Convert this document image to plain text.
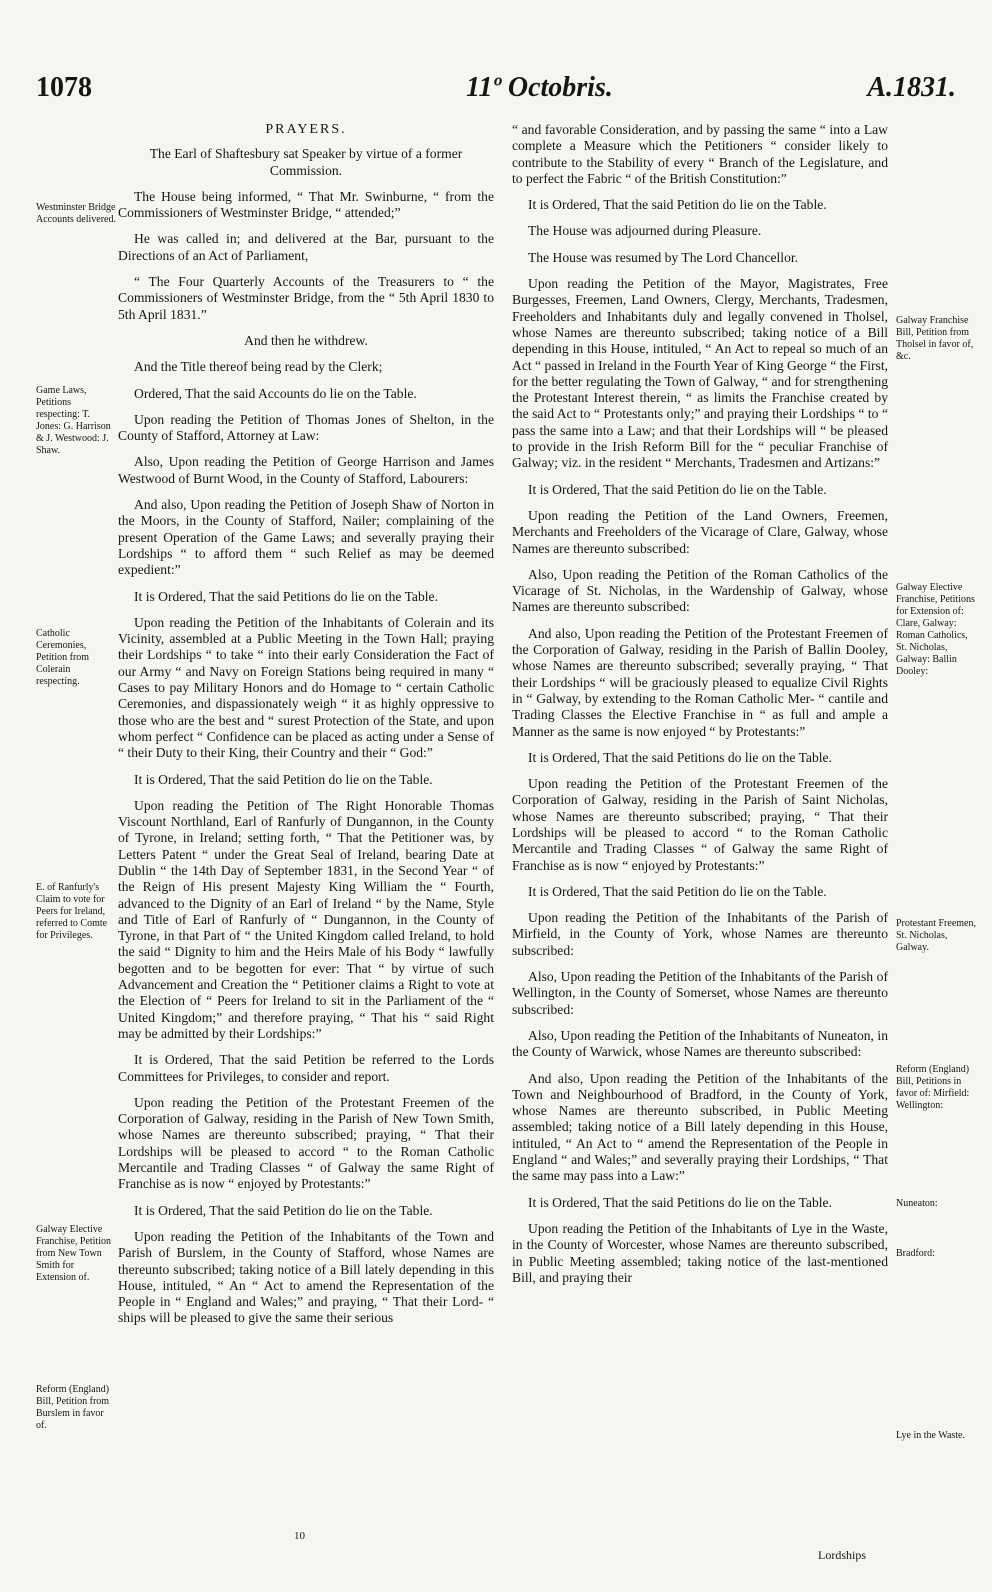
1078	11º Octobris.	A.1831.
PRAYERS.

The Earl of Shaftesbury sat Speaker by virtue of a former Commission.

The House being informed, “ That Mr. Swinburne, “ from the Commissioners of Westminster Bridge, “ attended;”

He was called in; and delivered at the Bar, pursuant to the Directions of an Act of Parliament,

“ The Four Quarterly Accounts of the Treasurers to “ the Commissioners of Westminster Bridge, from the “ 5th April 1830 to 5th April 1831.”

And then he withdrew.

And the Title thereof being read by the Clerk;

Ordered, That the said Accounts do lie on the Table.

Upon reading the Petition of Thomas Jones of Shelton, in the County of Stafford, Attorney at Law:

Also, Upon reading the Petition of George Harrison and James Westwood of Burnt Wood, in the County of Stafford, Labourers:

And also, Upon reading the Petition of Joseph Shaw of Norton in the Moors, in the County of Stafford, Nailer; complaining of the present Operation of the Game Laws; and severally praying their Lordships “ to afford them “ such Relief as may be deemed expedient:”

It is Ordered, That the said Petitions do lie on the Table.

Upon reading the Petition of the Inhabitants of Colerain and its Vicinity, assembled at a Public Meeting in the Town Hall; praying their Lordships “ to take “ into their early Consideration the Fact of our Army “ and Navy on Foreign Stations being required in many “ Cases to pay Military Honors and do Homage to “ certain Catholic Ceremonies, and dispassionately weigh “ it as highly oppressive to those who are the best and “ surest Protection of the State, and upon whom perfect “ Confidence can be placed as acting under a Sense of “ their Duty to their King, their Country and their “ God:”

It is Ordered, That the said Petition do lie on the Table.

Upon reading the Petition of The Right Honorable Thomas Viscount Northland, Earl of Ranfurly of Dungannon, in the County of Tyrone, in Ireland; setting forth, “ That the Petitioner was, by Letters Patent “ under the Great Seal of Ireland, bearing Date at Dublin “ the 14th Day of September 1831, in the Second Year “ of the Reign of His present Majesty King William the “ Fourth, advanced to the Dignity of an Earl of Ireland “ by the Name, Style and Title of Earl of Ranfurly of “ Dungannon, in the County of Tyrone, in that Part of “ the United Kingdom called Ireland, to hold the said “ Dignity to him and the Heirs Male of his Body “ lawfully begotten and to be begotten for ever: That “ by virtue of such Advancement and Creation the “ Petitioner claims a Right to vote at the Election of “ Peers for Ireland to sit in the Parliament of the “ United Kingdom;” and therefore praying, “ That his “ said Right may be admitted by their Lordships:”

It is Ordered, That the said Petition be referred to the Lords Committees for Privileges, to consider and report.

Upon reading the Petition of the Protestant Freemen of the Corporation of Galway, residing in the Parish of New Town Smith, whose Names are thereunto subscribed; praying, “ That their Lordships will be pleased to accord “ to the Roman Catholic Mercantile and Trading Classes “ of Galway the same Right of Franchise as is now “ enjoyed by Protestants:”

It is Ordered, That the said Petition do lie on the Table.

Upon reading the Petition of the Inhabitants of the Town and Parish of Burslem, in the County of Stafford, whose Names are thereunto subscribed; taking notice of a Bill lately depending in this House, intituled, “ An “ Act to amend the Representation of the People in “ England and Wales;” and praying, “ That their Lord- “ ships will be pleased to give the same their serious

“ and favorable Consideration, and by passing the same “ into a Law complete a Measure which the Petitioners “ consider likely to contribute to the Stability of every “ Branch of the Legislature, and to perfect the Fabric “ of the British Constitution:”

It is Ordered, That the said Petition do lie on the Table.

The House was adjourned during Pleasure.

The House was resumed by The Lord Chancellor.

Upon reading the Petition of the Mayor, Magistrates, Free Burgesses, Freemen, Land Owners, Clergy, Merchants, Tradesmen, Freeholders and Inhabitants duly and legally convened in Tholsel, whose Names are thereunto subscribed; taking notice of a Bill depending in this House, intituled, “ An Act to repeal so much of an Act “ passed in Ireland in the Fourth Year of King George “ the First, for the better regulating the Town of Galway, “ and for strengthening the Protestant Interest therein, “ as limits the Franchise created by the said Act to “ Protestants only;” and praying their Lordships “ to “ pass the same into a Law; and that their Lordships will “ be pleased to provide in the Irish Reform Bill for the “ peculiar Franchise of Galway; viz. in the resident “ Merchants, Tradesmen and Artizans:”

It is Ordered, That the said Petition do lie on the Table.

Upon reading the Petition of the Land Owners, Freemen, Merchants and Freeholders of the Vicarage of Clare, Galway, whose Names are thereunto subscribed:

Also, Upon reading the Petition of the Roman Catholics of the Vicarage of St. Nicholas, in the Wardenship of Galway, whose Names are thereunto subscribed:

And also, Upon reading the Petition of the Protestant Freemen of the Corporation of Galway, residing in the Parish of Ballin Dooley, whose Names are thereunto subscribed; severally praying, “ That their Lordships “ will be graciously pleased to equalize Civil Rights in “ Galway, by extending to the Roman Catholic Mer- “ cantile and Trading Classes the Elective Franchise in “ as full and ample a Manner as the same is now enjoyed “ by Protestants:”

It is Ordered, That the said Petitions do lie on the Table.

Upon reading the Petition of the Protestant Freemen of the Corporation of Galway, residing in the Parish of Saint Nicholas, whose Names are thereunto subscribed; praying, “ That their Lordships will be pleased to accord “ to the Roman Catholic Mercantile and Trading Classes “ of Galway the same Right of Franchise as is now “ enjoyed by Protestants:”

It is Ordered, That the said Petition do lie on the Table.

Upon reading the Petition of the Inhabitants of the Parish of Mirfield, in the County of York, whose Names are thereunto subscribed:

Also, Upon reading the Petition of the Inhabitants of the Parish of Wellington, in the County of Somerset, whose Names are thereunto subscribed:

Also, Upon reading the Petition of the Inhabitants of Nuneaton, in the County of Warwick, whose Names are thereunto subscribed:

And also, Upon reading the Petition of the Inhabitants of the Town and Neighbourhood of Bradford, in the County of York, whose Names are thereunto subscribed, in Public Meeting assembled; taking notice of a Bill lately depending in this House, intituled, “ An Act to “ amend the Representation of the People in England “ and Wales;” and severally praying their Lordships, “ That the same may pass into a Law:”

It is Ordered, That the said Petitions do lie on the Table.

Upon reading the Petition of the Inhabitants of Lye in the Waste, in the County of Worcester, whose Names are thereunto subscribed, in Public Meeting assembled; taking notice of the last-mentioned Bill, and praying their

Westminster Bridge Accounts delivered.
Game Laws, Petitions respecting: T. Jones: G. Harrison & J. Westwood: J. Shaw.
Catholic Ceremonies, Petition from Colerain respecting.
E. of Ranfurly's Claim to vote for Peers for Ireland, referred to Comte for Privileges.
Galway Elective Franchise, Petition from New Town Smith for Extension of.
Reform (England) Bill, Petition from Burslem in favor of.
Galway Franchise Bill, Petition from Tholsel in favor of, &c.
Galway Elective Franchise, Petitions for Extension of: Clare, Galway: Roman Catholics, St. Nicholas, Galway: Ballin Dooley:
Protestant Freemen, St. Nicholas, Galway.
Reform (England) Bill, Petitions in favor of: Mirfield: Wellington:
Nuneaton:
Bradford:
Lye in the Waste.
10
Lordships
